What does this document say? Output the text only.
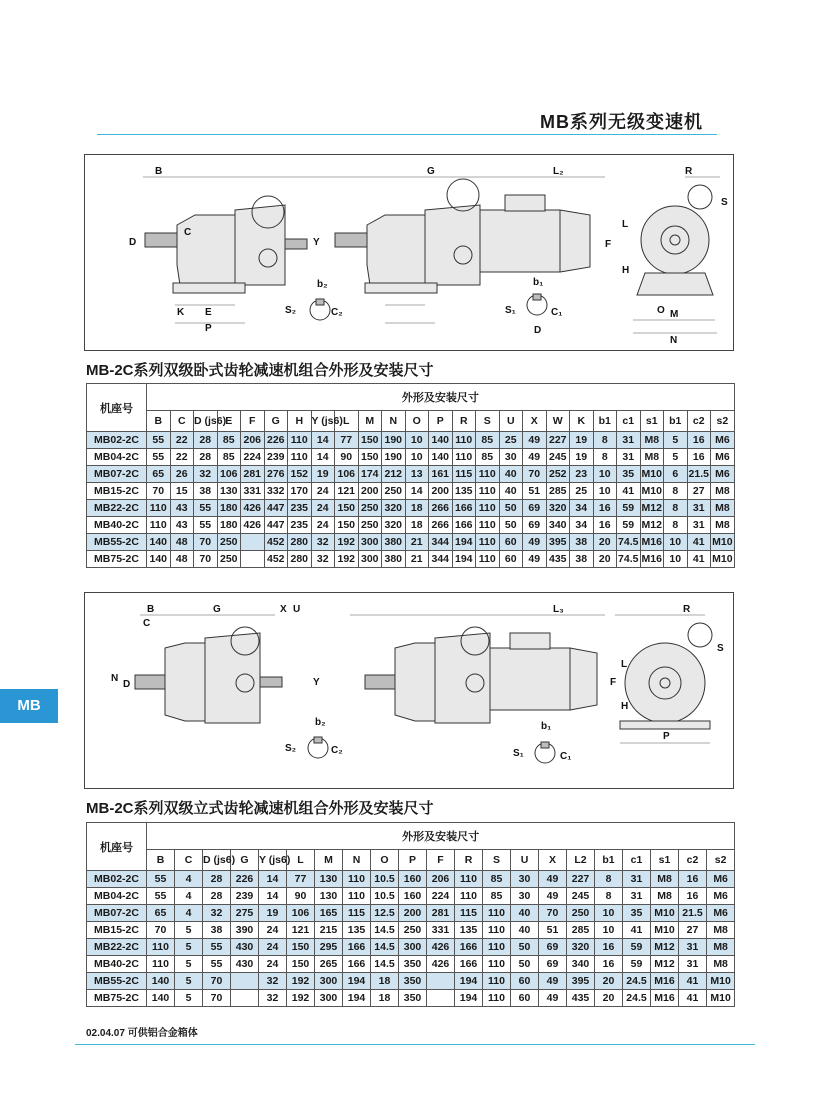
MB系列无级变速机
MB
B	G	L₂	R
S
D
C
Y	F
L
H
b₂
S₂	C₂
K E
P
b₁
S₁
D
C₁	O M
N
MB-2C系列双级卧式齿轮减速机组合外形及安装尺寸
机座号	外形及安装尺寸																								
	B	C	D (js6)	E	F	G	H	Y (js6)	L	M	N	O	P	R	S	U	X	W	K	b1	c1	s1	b1	c2	s2
MB02-2C	55	22	28	85	206	226	110	14	77	150	190	10	140	110	85	25	49	227	19	8	31	M8	5	16	M6
MB04-2C	55	22	28	85	224	239	110	14	90	150	190	10	140	110	85	30	49	245	19	8	31	M8	5	16	M6
MB07-2C	65	26	32	106	281	276	152	19	106	174	212	13	161	115	110	40	70	252	23	10	35	M10	6	21.5	M6
MB15-2C	70	15	38	130	331	332	170	24	121	200	250	14	200	135	110	40	51	285	25	10	41	M10	8	27	M8
MB22-2C	110	43	55	180	426	447	235	24	150	250	320	18	266	166	110	50	69	320	34	16	59	M12	8	31	M8
MB40-2C	110	43	55	180	426	447	235	24	150	250	320	18	266	166	110	50	69	340	34	16	59	M12	8	31	M8
MB55-2C	140	48	70	250		452	280	32	192	300	380	21	344	194	110	60	49	395	38	20	74.5	M16	10	41	M10
MB75-2C	140	48	70	250		452	280	32	192	300	380	21	344	194	110	60	49	435	38	20	74.5	M16	10	41	M10
B
C
G	X U	L₃	R
S
D
N	Y	F
L
H
b₂
S₂	C₂
b₁
S₁	C₁
P
MB-2C系列双级立式齿轮减速机组合外形及安装尺寸
机座号	外形及安装尺寸																				
	B	C	D (js6)	G	Y (js6)	L	M	N	O	P	F	R	S	U	X	L2	b1	c1	s1	c2	s2
MB02-2C	55	4	28	226	14	77	130	110	10.5	160	206	110	85	30	49	227	8	31	M8	16	M6
MB04-2C	55	4	28	239	14	90	130	110	10.5	160	224	110	85	30	49	245	8	31	M8	16	M6
MB07-2C	65	4	32	275	19	106	165	115	12.5	200	281	115	110	40	70	250	10	35	M10	21.5	M6
MB15-2C	70	5	38	390	24	121	215	135	14.5	250	331	135	110	40	51	285	10	41	M10	27	M8
MB22-2C	110	5	55	430	24	150	295	166	14.5	300	426	166	110	50	69	320	16	59	M12	31	M8
MB40-2C	110	5	55	430	24	150	265	166	14.5	350	426	166	110	50	69	340	16	59	M12	31	M8
MB55-2C	140	5	70		32	192	300	194	18	350		194	110	60	49	395	20	24.5	M16	41	M10
MB75-2C	140	5	70		32	192	300	194	18	350		194	110	60	49	435	20	24.5	M16	41	M10
02.04.07 可供铝合金箱体
